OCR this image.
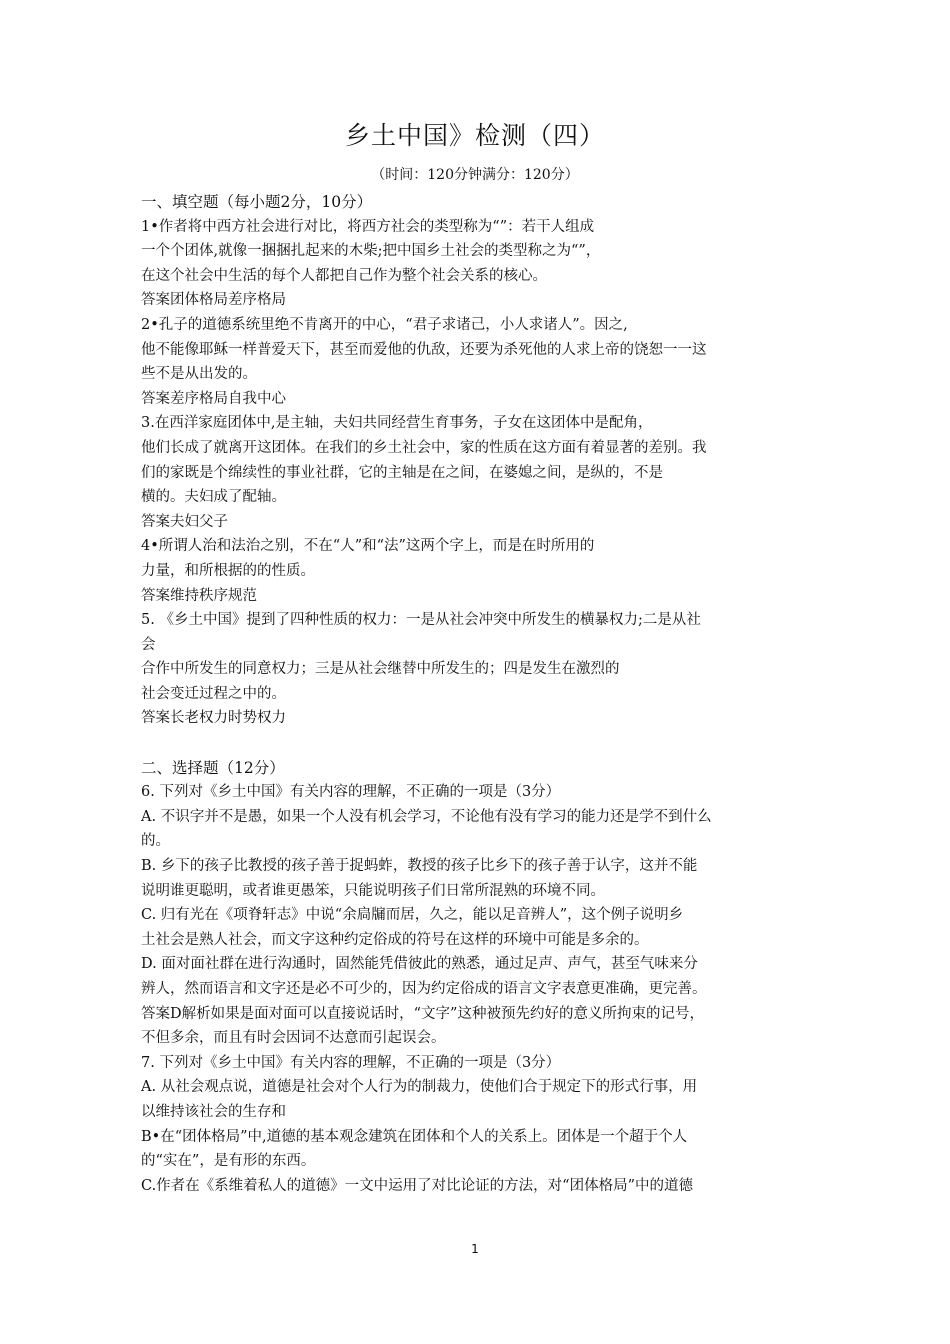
乡土中国》检测（四）
（时间：120分钟满分：120分）
一、填空题（每小题2分，10分）
1•作者将中西方社会进行对比，将西方社会的类型称为“”：若干人组成
一个个团体,就像一捆捆扎起来的木柴;把中国乡土社会的类型称之为“”，
在这个社会中生活的每个人都把自己作为整个社会关系的核心。
答案团体格局差序格局
2•孔子的道德系统里绝不肯离开的中心，“君子求诸己，小人求诸人”。因之,
他不能像耶稣一样普爱天下，甚至而爱他的仇敌，还要为杀死他的人求上帝的饶恕一一这
些不是从出发的。
答案差序格局自我中心
3.在西洋家庭团体中,是主轴，夫妇共同经营生育事务，子女在这团体中是配角，
他们长成了就离开这团体。在我们的乡土社会中，家的性质在这方面有着显著的差别。我
们的家既是个绵续性的事业社群，它的主轴是在之间，在婆媳之间，是纵的，不是
横的。夫妇成了配轴。
答案夫妇父子
4•所谓人治和法治之别，不在“人”和“法”这两个字上，而是在时所用的
力量，和所根据的的性质。
答案维持秩序规范
5. 《乡土中国》提到了四种性质的权力：一是从社会冲突中所发生的横暴权力;二是从社
会
合作中所发生的同意权力；三是从社会继替中所发生的；四是发生在激烈的
社会变迁过程之中的。
答案长老权力时势权力
二、选择题（12分）
6. 下列对《乡土中国》有关内容的理解，不正确的一项是（3分）
A. 不识字并不是愚，如果一个人没有机会学习，不论他有没有学习的能力还是学不到什么
的。
B. 乡下的孩子比教授的孩子善于捉蚂蚱，教授的孩子比乡下的孩子善于认字，这并不能
说明谁更聪明，或者谁更愚笨，只能说明孩子们日常所混熟的环境不同。
C. 归有光在《项脊轩志》中说“余扃牖而居，久之，能以足音辨人”，这个例子说明乡
土社会是熟人社会，而文字这种约定俗成的符号在这样的环境中可能是多余的。
D. 面对面社群在进行沟通时，固然能凭借彼此的熟悉，通过足声、声气，甚至气味来分
辨人，然而语言和文字还是必不可少的，因为约定俗成的语言文字表意更准确，更完善。
答案D解析如果是面对面可以直接说话时，“文字”这种被预先约好的意义所拘束的记号，
不但多余，而且有时会因词不达意而引起误会。
7. 下列对《乡土中国》有关内容的理解，不正确的一项是（3分）
A. 从社会观点说，道德是社会对个人行为的制裁力，使他们合于规定下的形式行事，用
以维持该社会的生存和
B•在“团体格局”中,道德的基本观念建筑在团体和个人的关系上。团体是一个超于个人
的“实在”，是有形的东西。
C.作者在《系维着私人的道德》一文中运用了对比论证的方法，对“团体格局”中的道德
1
